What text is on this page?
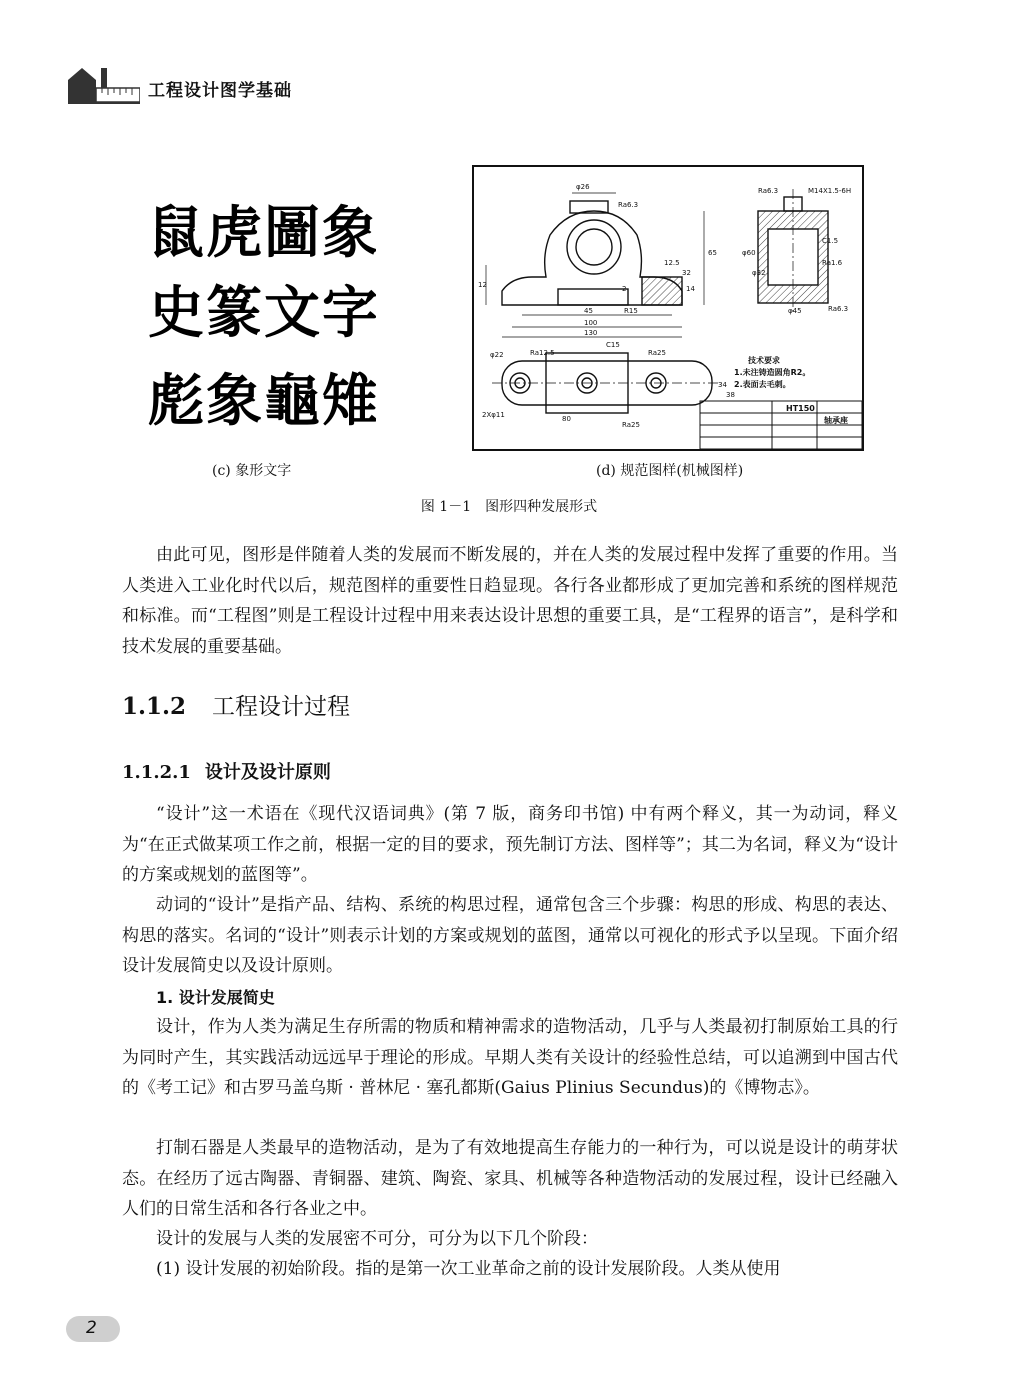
工程设计图学基础
鼠虎圖象
史篆文字
彪象龜雉
φ26
Ra6.3
Ra6.3	M14X1.5-6H
C1.5
Ra1.6
12.5
65
32
φ60
φ32
2
45
100
130
R15
φ22	Ra12.5
C15
Ra25
2Xφ11
Ra25
Ra6.3
φ45
12	14
34
38
80
技术要求
1.未注铸造圆角R2。
2.表面去毛刺。
HT150
轴承座
(c) 象形文字	(d) 规范图样(机械图样)
图 1－1　图形四种发展形式

由此可见，图形是伴随着人类的发展而不断发展的，并在人类的发展过程中发挥了重要的作用。当人类进入工业化时代以后，规范图样的重要性日趋显现。各行各业都形成了更加完善和系统的图样规范和标准。而“工程图”则是工程设计过程中用来表达设计思想的重要工具，是“工程界的语言”，是科学和技术发展的重要基础。

1.1.2 工程设计过程
1.1.2.1 设计及设计原则

“设计”这一术语在《现代汉语词典》(第 7 版，商务印书馆) 中有两个释义，其一为动词，释义为“在正式做某项工作之前，根据一定的目的要求，预先制订方法、图样等”；其二为名词，释义为“设计的方案或规划的蓝图等”。

动词的“设计”是指产品、结构、系统的构思过程，通常包含三个步骤：构思的形成、构思的表达、构思的落实。名词的“设计”则表示计划的方案或规划的蓝图，通常以可视化的形式予以呈现。下面介绍设计发展简史以及设计原则。

1. 设计发展简史

设计，作为人类为满足生存所需的物质和精神需求的造物活动，几乎与人类最初打制原始工具的行为同时产生，其实践活动远远早于理论的形成。早期人类有关设计的经验性总结，可以追溯到中国古代的《考工记》和古罗马盖乌斯 · 普林尼 · 塞孔都斯(Gaius Plinius Secundus)的《博物志》。

打制石器是人类最早的造物活动，是为了有效地提高生存能力的一种行为，可以说是设计的萌芽状态。在经历了远古陶器、青铜器、建筑、陶瓷、家具、机械等各种造物活动的发展过程，设计已经融入人们的日常生活和各行各业之中。

设计的发展与人类的发展密不可分，可分为以下几个阶段：

(1) 设计发展的初始阶段。指的是第一次工业革命之前的设计发展阶段。人类从使用

2
